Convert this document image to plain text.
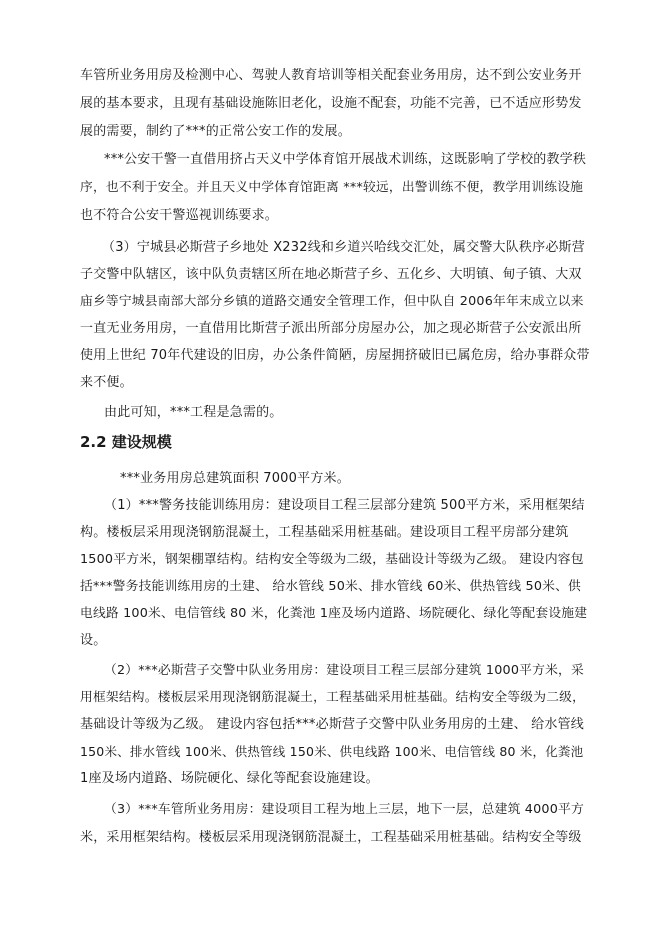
车管所业务用房及检测中心、驾驶人教育培训等相关配套业务用房，达不到公安业务开
展的基本要求，且现有基础设施陈旧老化，设施不配套，功能不完善，已不适应形势发
展的需要，制约了***的正常公安工作的发展。
***公安干警一直借用挤占天义中学体育馆开展战术训练，这既影响了学校的教学秩
序，也不利于安全。并且天义中学体育馆距离 ***较远，出警训练不便，教学用训练设施
也不符合公安干警巡视训练要求。
（3）宁城县必斯营子乡地处 X232线和乡道兴哈线交汇处，属交警大队秩序必斯营
子交警中队辖区，该中队负责辖区所在地必斯营子乡、五化乡、大明镇、甸子镇、大双
庙乡等宁城县南部大部分乡镇的道路交通安全管理工作，但中队自 2006年年末成立以来
一直无业务用房，一直借用比斯营子派出所部分房屋办公，加之现必斯营子公安派出所
使用上世纪 70年代建设的旧房，办公条件简陋，房屋拥挤破旧已属危房，给办事群众带
来不便。
由此可知，***工程是急需的。
2.2 建设规模
***业务用房总建筑面积 7000平方米。
（1）***警务技能训练用房：建设项目工程三层部分建筑 500平方米，采用框架结
构。楼板层采用现浇钢筋混凝土，工程基础采用桩基础。建设项目工程平房部分建筑
1500平方米，钢架棚罩结构。结构安全等级为二级，基础设计等级为乙级。 建设内容包
括***警务技能训练用房的土建、 给水管线 50米、排水管线 60米、供热管线 50米、供
电线路 100米、电信管线 80 米，化粪池 1座及场内道路、场院硬化、绿化等配套设施建
设。
（2）***必斯营子交警中队业务用房：建设项目工程三层部分建筑 1000平方米，采
用框架结构。楼板层采用现浇钢筋混凝土，工程基础采用桩基础。结构安全等级为二级，
基础设计等级为乙级。 建设内容包括***必斯营子交警中队业务用房的土建、 给水管线
150米、排水管线 100米、供热管线 150米、供电线路 100米、电信管线 80 米，化粪池
1座及场内道路、场院硬化、绿化等配套设施建设。
（3）***车管所业务用房：建设项目工程为地上三层，地下一层，总建筑 4000平方
米，采用框架结构。楼板层采用现浇钢筋混凝土，工程基础采用桩基础。结构安全等级
